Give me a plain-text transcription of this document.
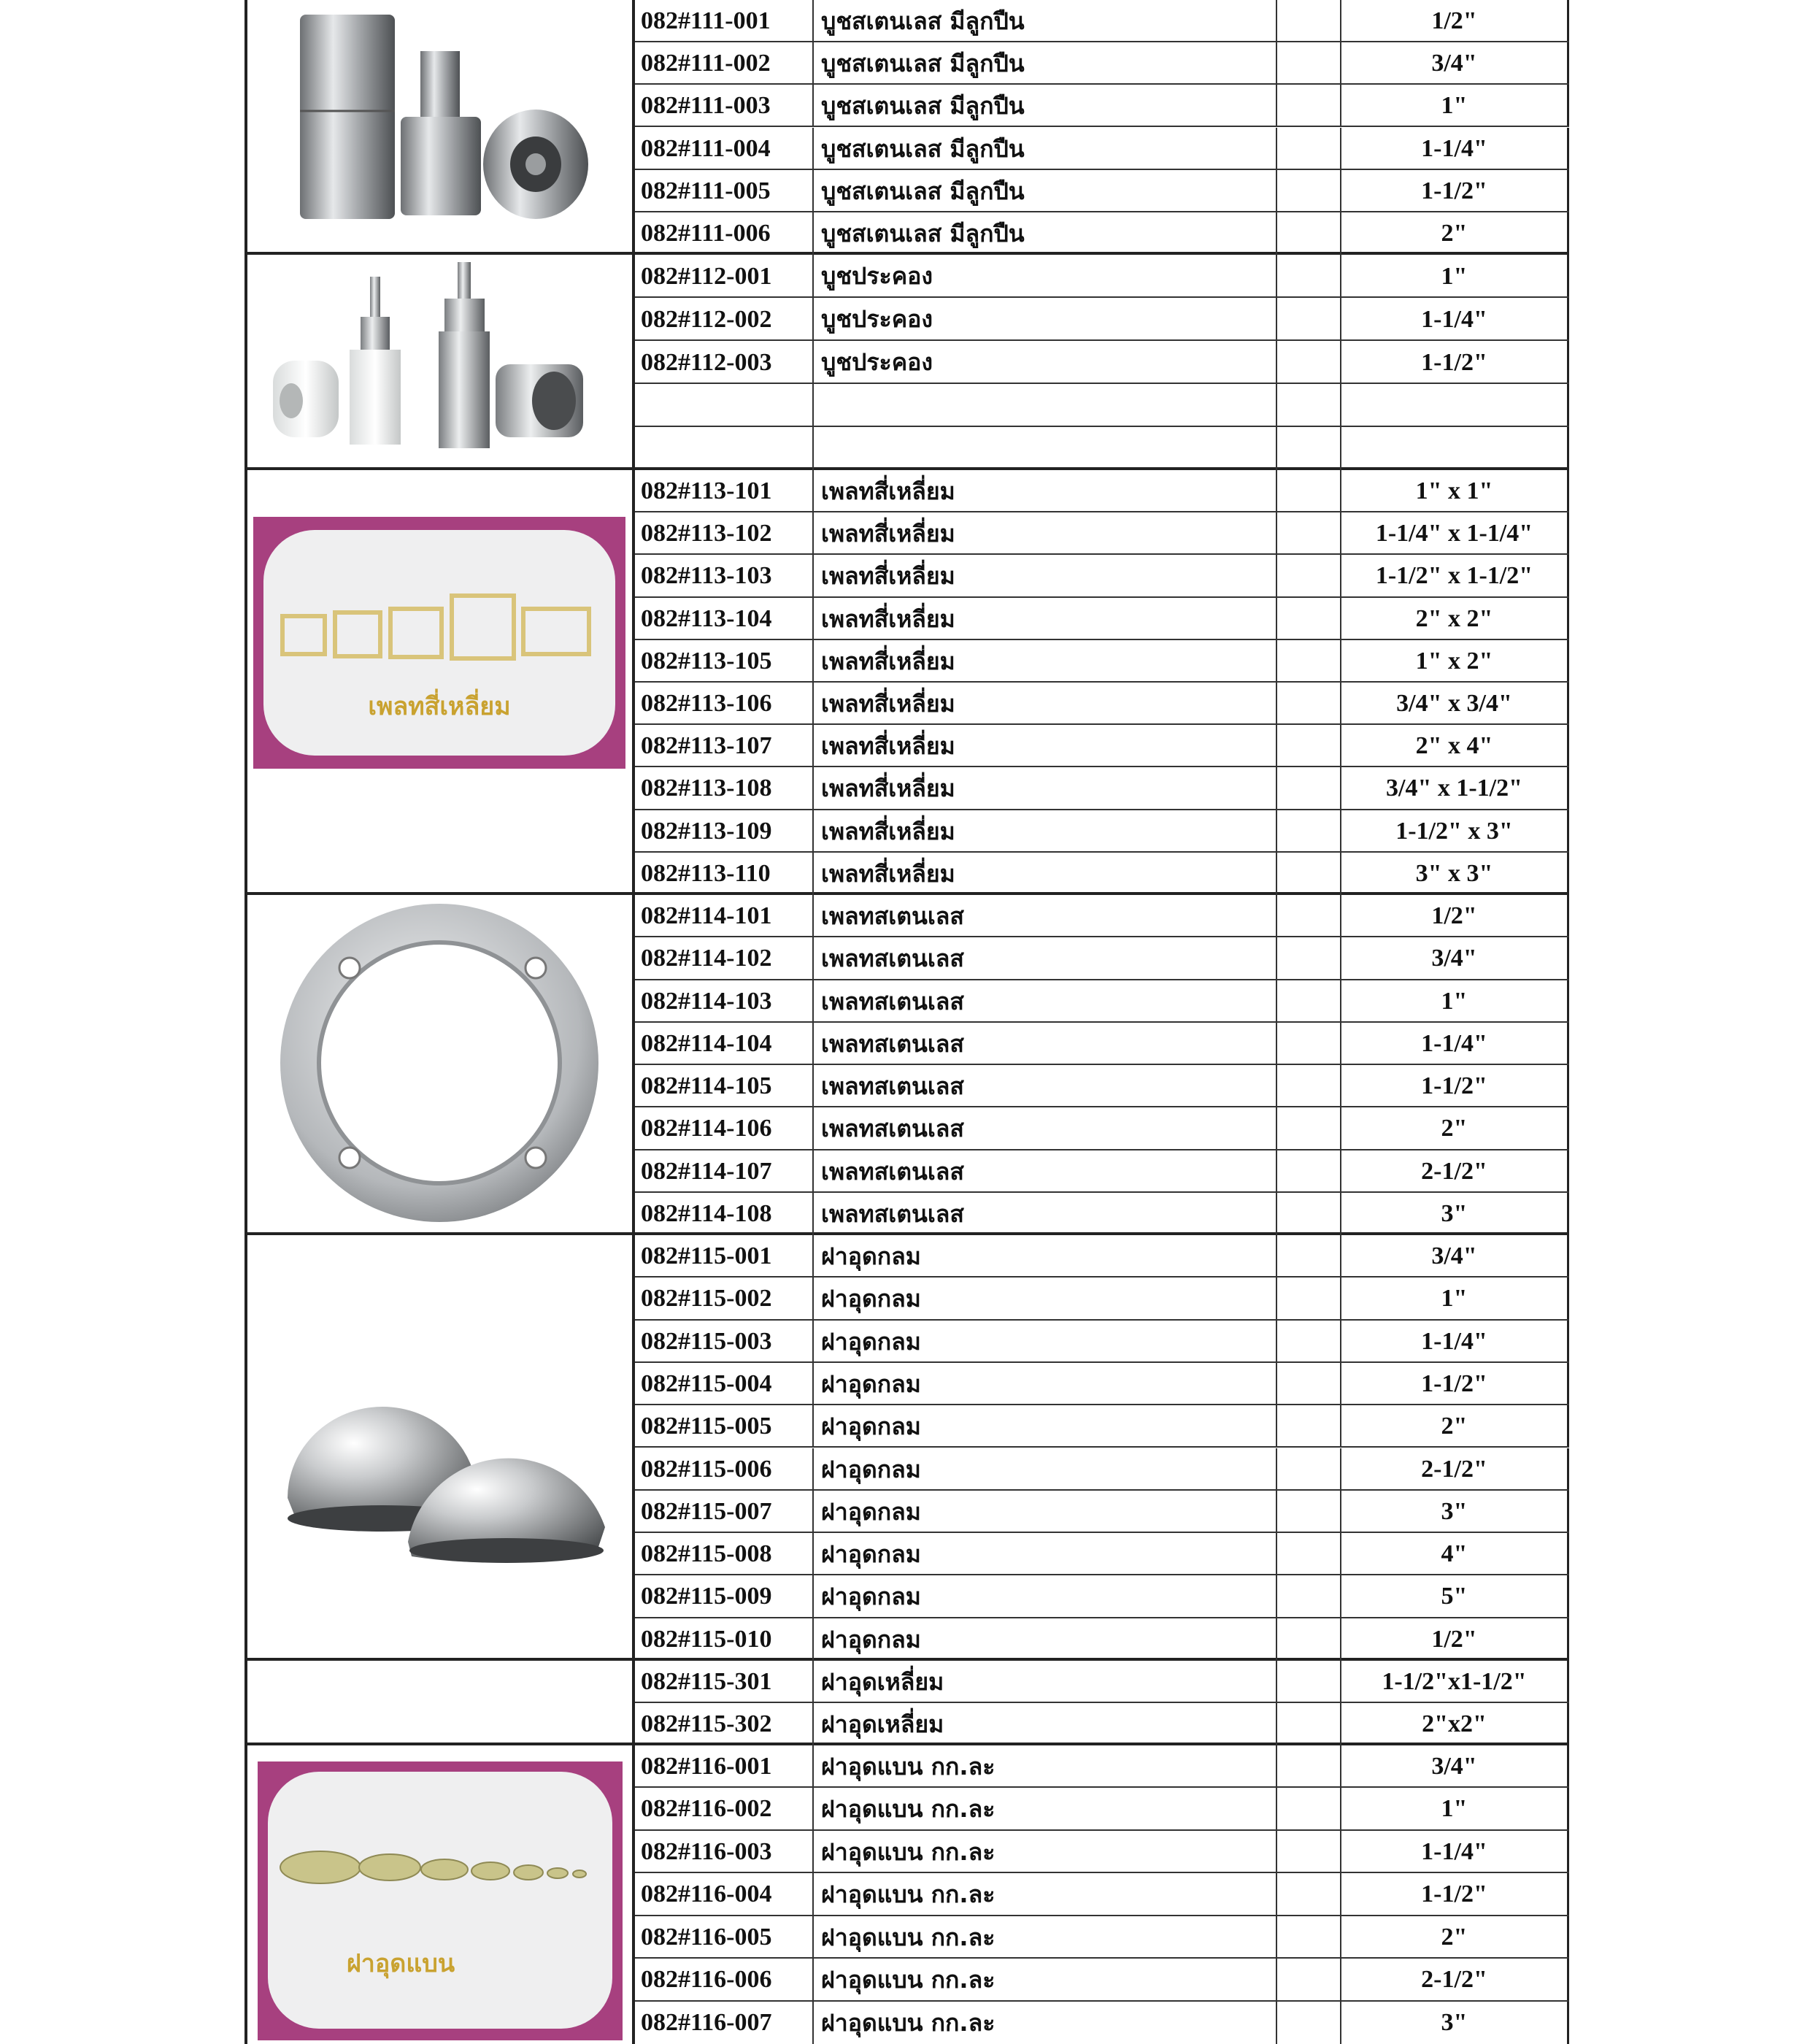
082#111-001	บูชสเตนเลส มีลูกปืน	1/2"
082#111-002	บูชสเตนเลส มีลูกปืน	3/4"
082#111-003	บูชสเตนเลส มีลูกปืน	1"
082#111-004	บูชสเตนเลส มีลูกปืน	1-1/4"
082#111-005	บูชสเตนเลส มีลูกปืน	1-1/2"
082#111-006	บูชสเตนเลส มีลูกปืน	2"
082#112-001	บูชประคอง	1"
082#112-002	บูชประคอง	1-1/4"
082#112-003	บูชประคอง	1-1/2"
เพลทสี่เหลี่ยม
082#113-101	เพลทสี่เหลี่ยม	1" x 1"
082#113-102	เพลทสี่เหลี่ยม	1-1/4" x 1-1/4"
082#113-103	เพลทสี่เหลี่ยม	1-1/2" x 1-1/2"
082#113-104	เพลทสี่เหลี่ยม	2" x 2"
082#113-105	เพลทสี่เหลี่ยม	1" x 2"
082#113-106	เพลทสี่เหลี่ยม	3/4" x 3/4"
082#113-107	เพลทสี่เหลี่ยม	2" x 4"
082#113-108	เพลทสี่เหลี่ยม	3/4" x 1-1/2"
082#113-109	เพลทสี่เหลี่ยม	1-1/2" x 3"
082#113-110	เพลทสี่เหลี่ยม	3" x 3"
082#114-101	เพลทสเตนเลส	1/2"
082#114-102	เพลทสเตนเลส	3/4"
082#114-103	เพลทสเตนเลส	1"
082#114-104	เพลทสเตนเลส	1-1/4"
082#114-105	เพลทสเตนเลส	1-1/2"
082#114-106	เพลทสเตนเลส	2"
082#114-107	เพลทสเตนเลส	2-1/2"
082#114-108	เพลทสเตนเลส	3"
082#115-001	ฝาอุดกลม	3/4"
082#115-002	ฝาอุดกลม	1"
082#115-003	ฝาอุดกลม	1-1/4"
082#115-004	ฝาอุดกลม	1-1/2"
082#115-005	ฝาอุดกลม	2"
082#115-006	ฝาอุดกลม	2-1/2"
082#115-007	ฝาอุดกลม	3"
082#115-008	ฝาอุดกลม	4"
082#115-009	ฝาอุดกลม	5"
082#115-010	ฝาอุดกลม	1/2"
082#115-301	ฝาอุดเหลี่ยม	1-1/2"x1-1/2"
082#115-302	ฝาอุดเหลี่ยม	2"x2"
ฝาอุดแบน
082#116-001	ฝาอุดแบน กก.ละ	3/4"
082#116-002	ฝาอุดแบน กก.ละ	1"
082#116-003	ฝาอุดแบน กก.ละ	1-1/4"
082#116-004	ฝาอุดแบน กก.ละ	1-1/2"
082#116-005	ฝาอุดแบน กก.ละ	2"
082#116-006	ฝาอุดแบน กก.ละ	2-1/2"
082#116-007	ฝาอุดแบน กก.ละ	3"
